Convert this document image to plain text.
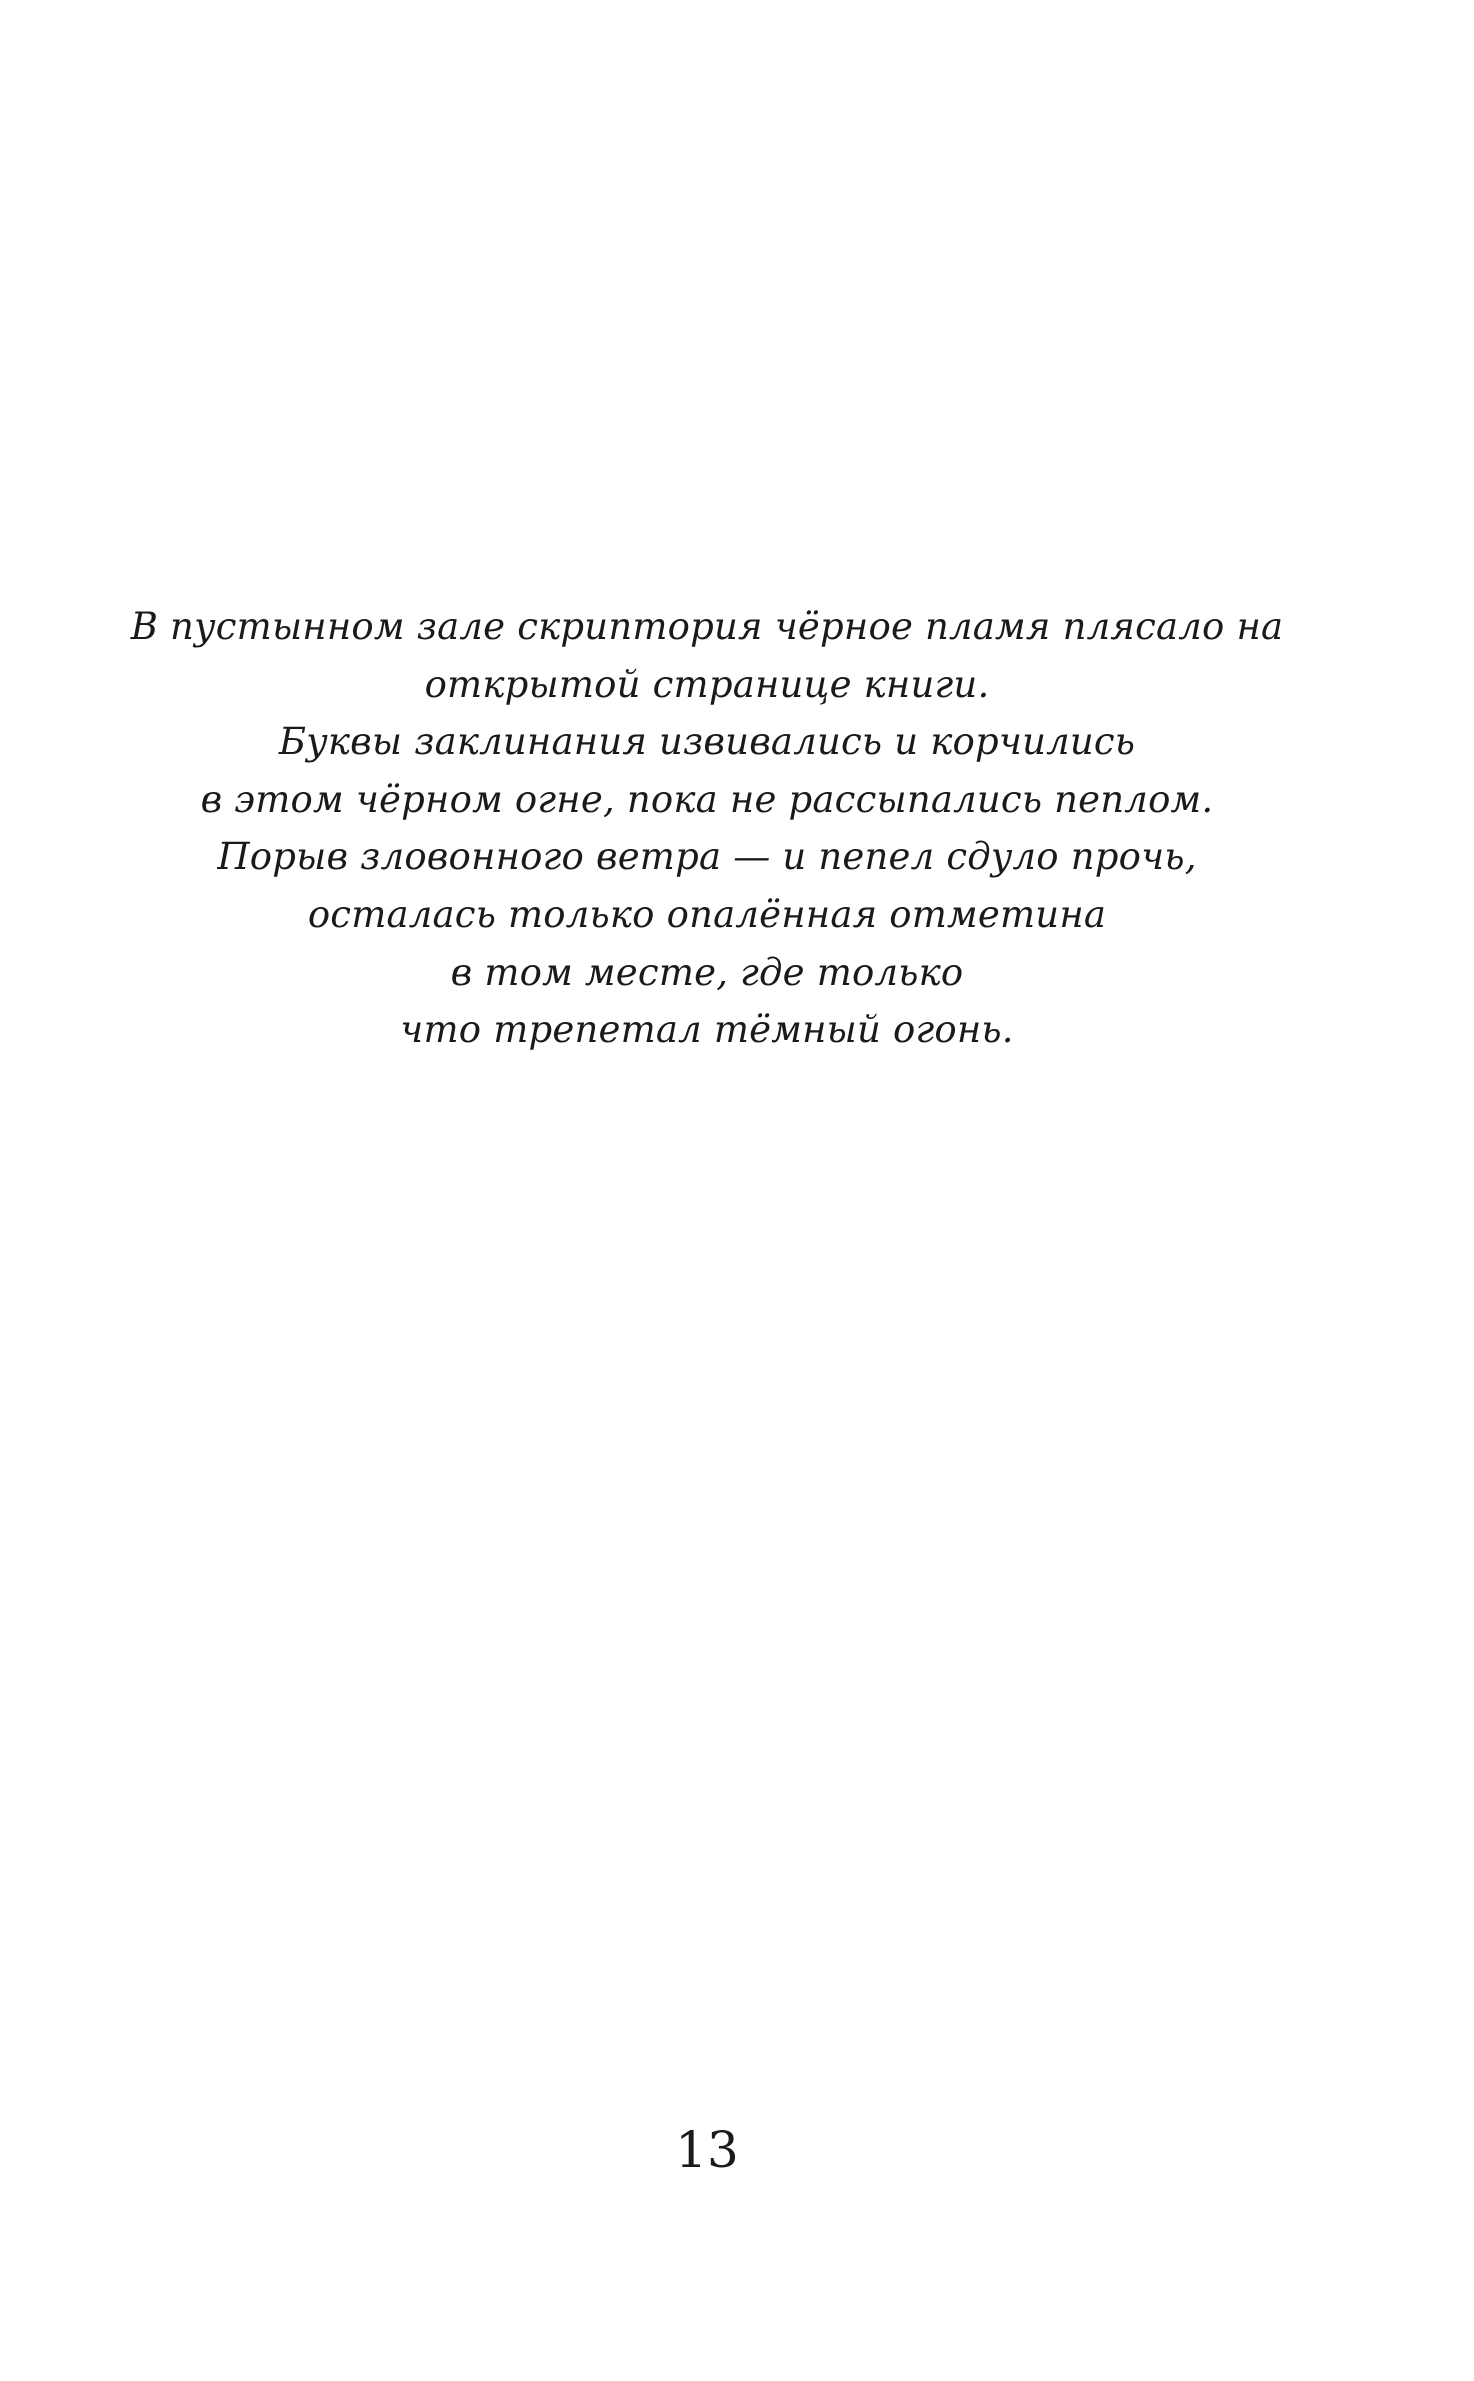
В пустынном зале скриптория чёрное пламя плясало на
открытой странице книги.
Буквы заклинания извивались и корчились
в этом чёрном огне, пока не рассыпались пеплом.
Порыв зловонного ветра — и пепел сдуло прочь,
осталась только опалённая отметина
в том месте, где только
что трепетал тёмный огонь.
13
